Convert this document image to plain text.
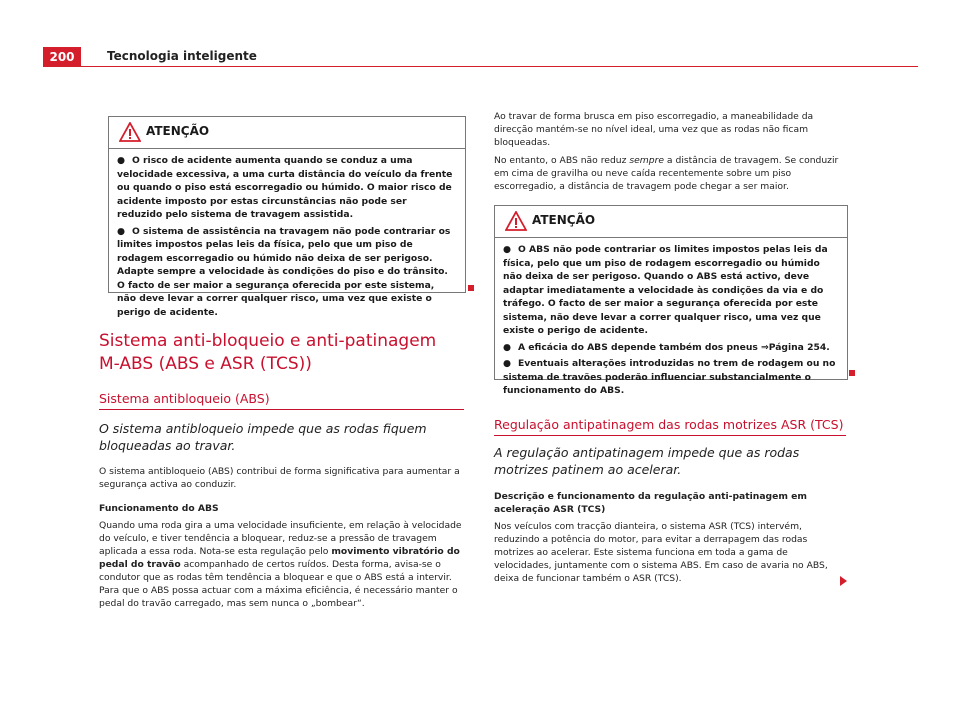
200	Tecnologia inteligente
ATENÇÃO
● O risco de acidente aumenta quando se conduz a uma velocidade excessiva, a uma curta distância do veículo da frente ou quando o piso está escorregadio ou húmido. O maior risco de acidente imposto por estas circunstâncias não pode ser reduzido pelo sistema de travagem assistida.
● O sistema de assistência na travagem não pode contrariar os limites impostos pelas leis da física, pelo que um piso de rodagem escorregadio ou húmido não deixa de ser perigoso. Adapte sempre a velocidade às condições do piso e do trânsito. O facto de ser maior a segurança oferecida por este sistema, não deve levar a correr qualquer risco, uma vez que existe o perigo de acidente.
Sistema anti-bloqueio e anti-patinagem
M-ABS (ABS e ASR (TCS))
Sistema antibloqueio (ABS)
O sistema antibloqueio impede que as rodas fiquem bloqueadas ao travar.

O sistema antibloqueio (ABS) contribui de forma significativa para aumentar a segurança activa ao conduzir.

Funcionamento do ABS

Quando uma roda gira a uma velocidade insuficiente, em relação à velocidade do veículo, e tiver tendência a bloquear, reduz-se a pressão de travagem aplicada a essa roda. Nota-se esta regulação pelo movimento vibratório do pedal do travão acompanhado de certos ruídos. Desta forma, avisa-se o condutor que as rodas têm tendência a bloquear e que o ABS está a intervir. Para que o ABS possa actuar com a máxima eficiência, é necessário manter o pedal do travão carregado, mas sem nunca o „bombear“.

Ao travar de forma brusca em piso escorregadio, a maneabilidade da direcção mantém-se no nível ideal, uma vez que as rodas não ficam bloqueadas.

No entanto, o ABS não reduz sempre a distância de travagem. Se conduzir em cima de gravilha ou neve caída recentemente sobre um piso escorregadio, a distância de travagem pode chegar a ser maior.

ATENÇÃO
● O ABS não pode contrariar os limites impostos pelas leis da física, pelo que um piso de rodagem escorregadio ou húmido não deixa de ser perigoso. Quando o ABS está activo, deve adaptar imediatamente a velocidade às condições da via e do tráfego. O facto de ser maior a segurança oferecida por este sistema, não deve levar a correr qualquer risco, uma vez que existe o perigo de acidente.
● A eficácia do ABS depende também dos pneus ⇒Página 254.
● Eventuais alterações introduzidas no trem de rodagem ou no sistema de travões poderão influenciar substancialmente o funcionamento do ABS.
Regulação antipatinagem das rodas motrizes ASR (TCS)
A regulação antipatinagem impede que as rodas motrizes patinem ao acelerar.

Descrição e funcionamento da regulação anti-patinagem em aceleração ASR (TCS)

Nos veículos com tracção dianteira, o sistema ASR (TCS) intervém, reduzindo a potência do motor, para evitar a derrapagem das rodas motrizes ao acelerar. Este sistema funciona em toda a gama de velocidades, juntamente com o sistema ABS. Em caso de avaria no ABS, deixa de funcionar também o ASR (TCS).
